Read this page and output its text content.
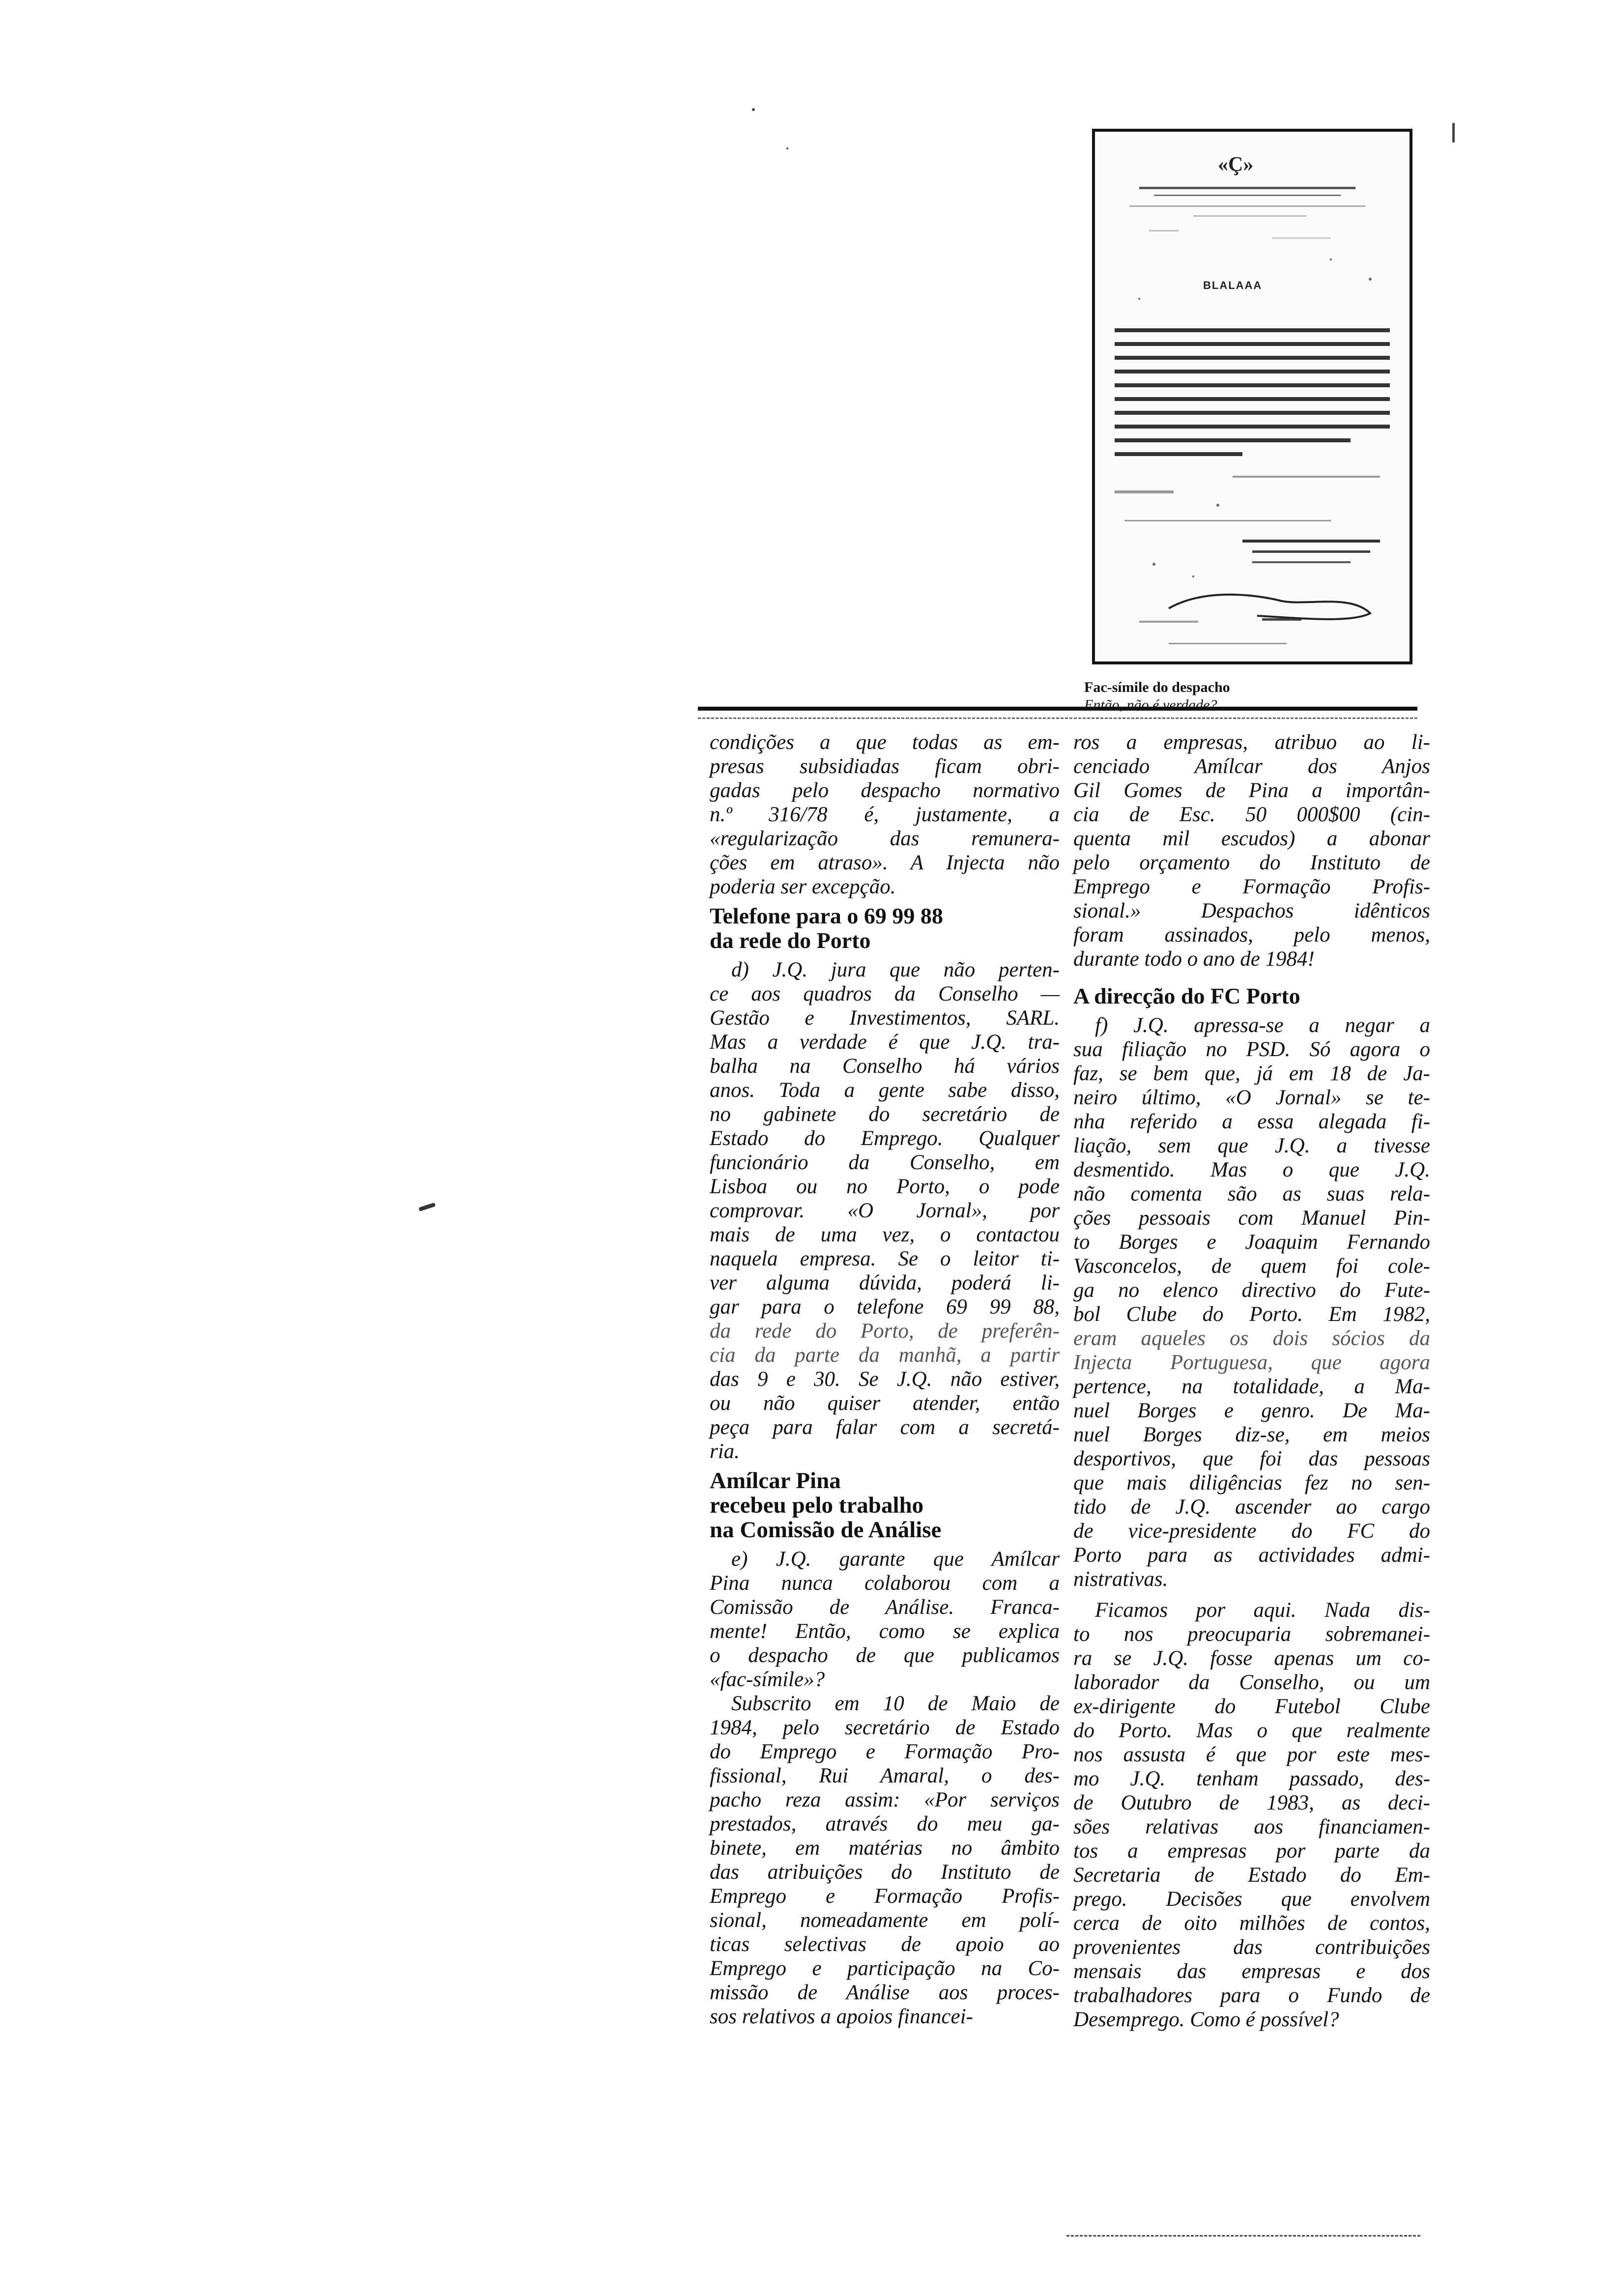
«Ç»
BLALAAA
Fac-símile do despacho
Então, não é verdade?
condições a que todas as em-
presas subsidiadas ficam obri-
gadas pelo despacho normativo
n.º 316/78 é, justamente, a
«regularização das remunera-
ções em atraso». A Injecta não
poderia ser excepção.
Telefone para o 69 99 88
da rede do Porto
d) J.Q. jura que não perten-
ce aos quadros da Conselho —
Gestão e Investimentos, SARL.
Mas a verdade é que J.Q. tra-
balha na Conselho há vários
anos. Toda a gente sabe disso,
no gabinete do secretário de
Estado do Emprego. Qualquer
funcionário da Conselho, em
Lisboa ou no Porto, o pode
comprovar. «O Jornal», por
mais de uma vez, o contactou
naquela empresa. Se o leitor ti-
ver alguma dúvida, poderá li-
gar para o telefone 69 99 88,
da rede do Porto, de preferên-
cia da parte da manhã, a partir
das 9 e 30. Se J.Q. não estiver,
ou não quiser atender, então
peça para falar com a secretá-
ria.
Amílcar Pina
recebeu pelo trabalho
na Comissão de Análise
e) J.Q. garante que Amílcar
Pina nunca colaborou com a
Comissão de Análise. Franca-
mente! Então, como se explica
o despacho de que publicamos
«fac-símile»?
Subscrito em 10 de Maio de
1984, pelo secretário de Estado
do Emprego e Formação Pro-
fissional, Rui Amaral, o des-
pacho reza assim: «Por serviços
prestados, através do meu ga-
binete, em matérias no âmbito
das atribuições do Instituto de
Emprego e Formação Profis-
sional, nomeadamente em polí-
ticas selectivas de apoio ao
Emprego e participação na Co-
missão de Análise aos proces-
sos relativos a apoios financei-
ros a empresas, atribuo ao li-
cenciado Amílcar dos Anjos
Gil Gomes de Pina a importân-
cia de Esc. 50 000$00 (cin-
quenta mil escudos) a abonar
pelo orçamento do Instituto de
Emprego e Formação Profis-
sional.» Despachos idênticos
foram assinados, pelo menos,
durante todo o ano de 1984!
A direcção do FC Porto
f) J.Q. apressa-se a negar a
sua filiação no PSD. Só agora o
faz, se bem que, já em 18 de Ja-
neiro último, «O Jornal» se te-
nha referido a essa alegada fi-
liação, sem que J.Q. a tivesse
desmentido. Mas o que J.Q.
não comenta são as suas rela-
ções pessoais com Manuel Pin-
to Borges e Joaquim Fernando
Vasconcelos, de quem foi cole-
ga no elenco directivo do Fute-
bol Clube do Porto. Em 1982,
eram aqueles os dois sócios da
Injecta Portuguesa, que agora
pertence, na totalidade, a Ma-
nuel Borges e genro. De Ma-
nuel Borges diz-se, em meios
desportivos, que foi das pessoas
que mais diligências fez no sen-
tido de J.Q. ascender ao cargo
de vice-presidente do FC do
Porto para as actividades admi-
nistrativas.
Ficamos por aqui. Nada dis-
to nos preocuparia sobremanei-
ra se J.Q. fosse apenas um co-
laborador da Conselho, ou um
ex-dirigente do Futebol Clube
do Porto. Mas o que realmente
nos assusta é que por este mes-
mo J.Q. tenham passado, des-
de Outubro de 1983, as deci-
sões relativas aos financiamen-
tos a empresas por parte da
Secretaria de Estado do Em-
prego. Decisões que envolvem
cerca de oito milhões de contos,
provenientes das contribuições
mensais das empresas e dos
trabalhadores para o Fundo de
Desemprego. Como é possível?
